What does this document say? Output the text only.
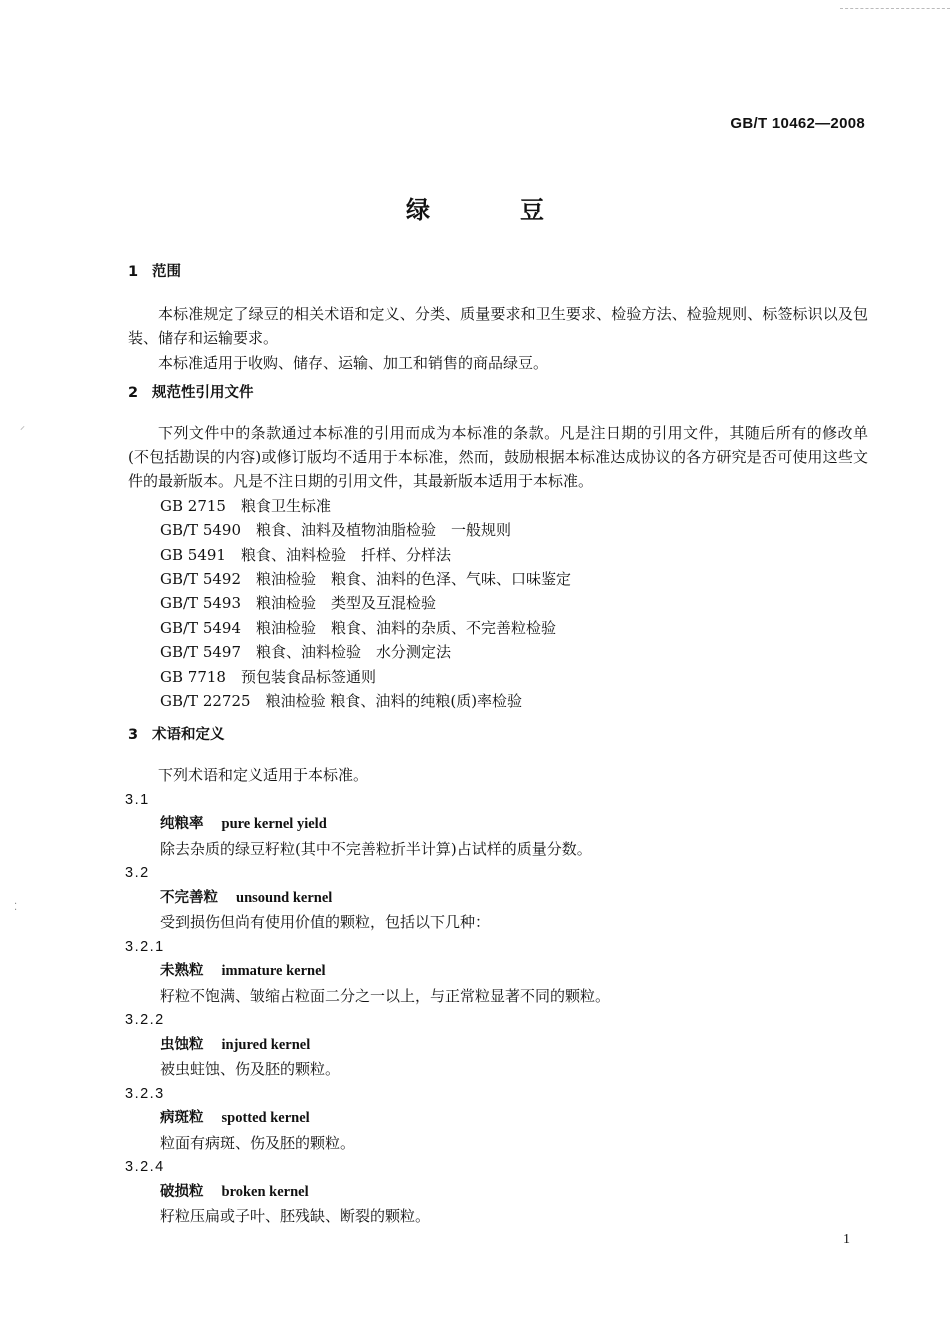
⸝
⁚
GB/T 10462—2008
绿	豆
1 范围

本标准规定了绿豆的相关术语和定义、分类、质量要求和卫生要求、检验方法、检验规则、标签标识以及包装、储存和运输要求。

本标准适用于收购、储存、运输、加工和销售的商品绿豆。

2 规范性引用文件

下列文件中的条款通过本标准的引用而成为本标准的条款。凡是注日期的引用文件，其随后所有的修改单(不包括勘误的内容)或修订版均不适用于本标准，然而，鼓励根据本标准达成协议的各方研究是否可使用这些文件的最新版本。凡是不注日期的引用文件，其最新版本适用于本标准。

GB 2715　 粮食卫生标准
GB/T 5490　 粮食、油料及植物油脂检验　一般规则
GB 5491　 粮食、油料检验　扦样、分样法
GB/T 5492　 粮油检验　粮食、油料的色泽、气味、口味鉴定
GB/T 5493　 粮油检验　类型及互混检验
GB/T 5494　 粮油检验　粮食、油料的杂质、不完善粒检验
GB/T 5497　 粮食、油料检验　水分测定法
GB 7718　 预包装食品标签通则
GB/T 22725　 粮油检验 粮食、油料的纯粮(质)率检验
3 术语和定义

下列术语和定义适用于本标准。

3.1
纯粮率 pure kernel yield
除去杂质的绿豆籽粒(其中不完善粒折半计算)占试样的质量分数。
3.2
不完善粒 unsound kernel
受到损伤但尚有使用价值的颗粒，包括以下几种：
3.2.1
未熟粒 immature kernel
籽粒不饱满、皱缩占粒面二分之一以上，与正常粒显著不同的颗粒。
3.2.2
虫蚀粒 injured kernel
被虫蛀蚀、伤及胚的颗粒。
3.2.3
病斑粒 spotted kernel
粒面有病斑、伤及胚的颗粒。
3.2.4
破损粒 broken kernel
籽粒压扁或子叶、胚残缺、断裂的颗粒。
1
